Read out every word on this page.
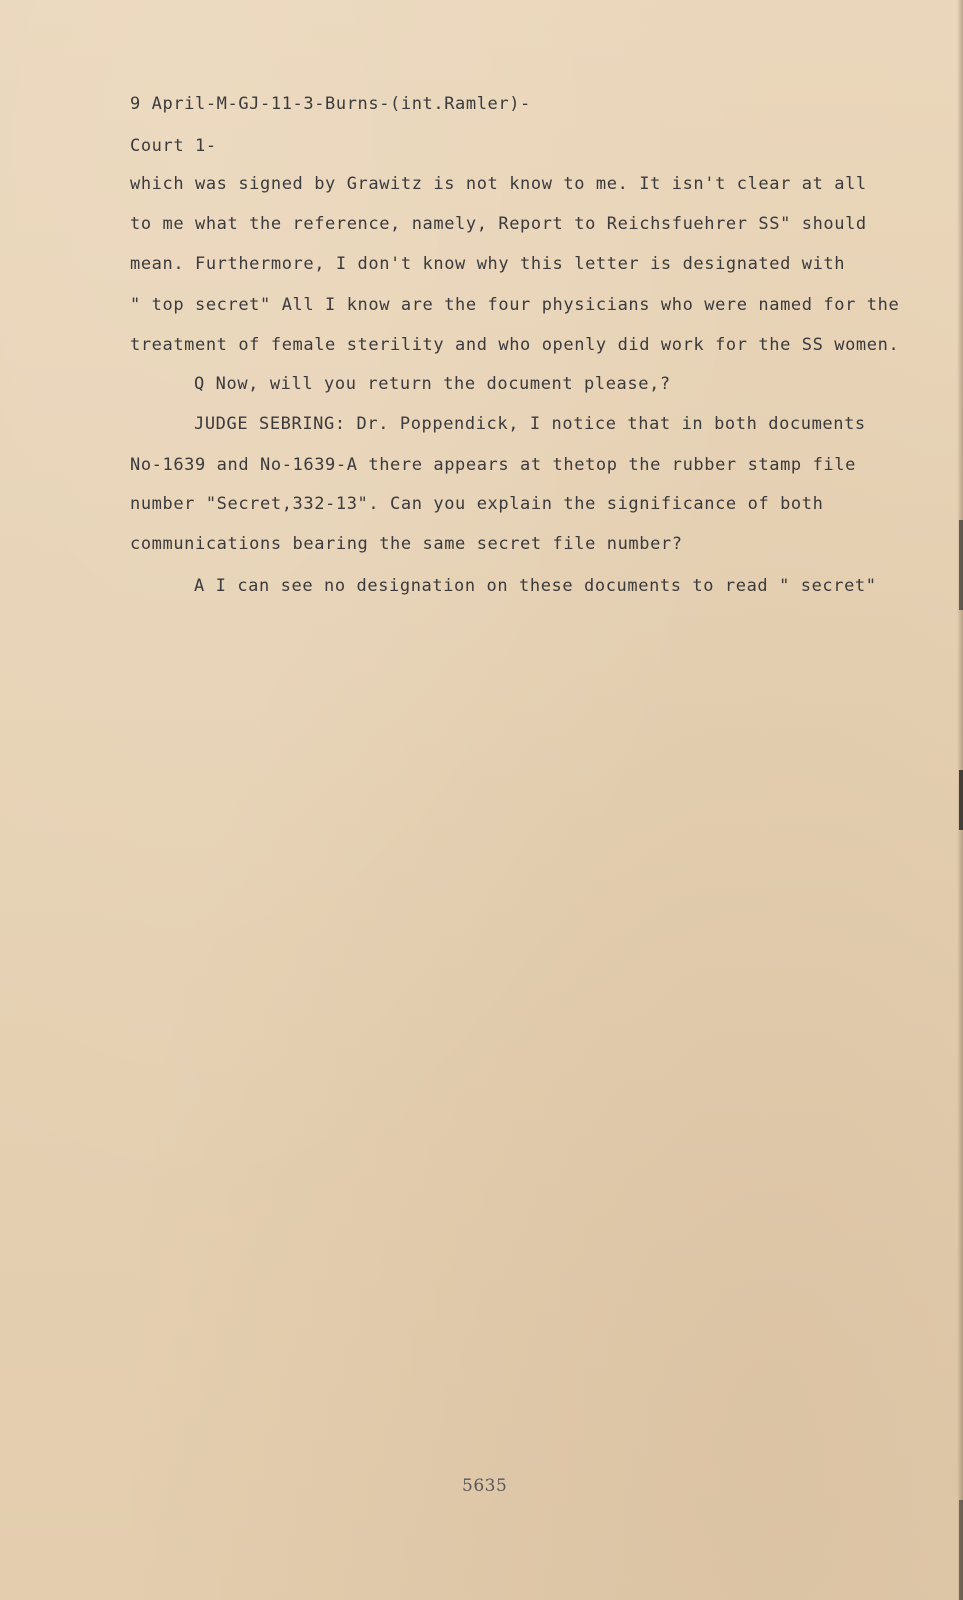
9 April-M-GJ-11-3-Burns-(int.Ramler)-
Court 1-
which was signed by Grawitz is not know to me. It isn't clear at all
to me what the reference, namely, Report to Reichsfuehrer SS" should
mean. Furthermore, I don't know why this letter is designated with
" top secret" All I know are the four physicians who were named for the
treatment of female sterility and who openly did work for the SS women.
Q Now, will you return the document please,?
JUDGE SEBRING: Dr. Poppendick, I notice that in both documents
No-1639 and No-1639-A there appears at thetop the rubber stamp file
number "Secret,332-13". Can you explain the significance of both
communications bearing the same secret file number?
A I can see no designation on these documents to read " secret"
5635
